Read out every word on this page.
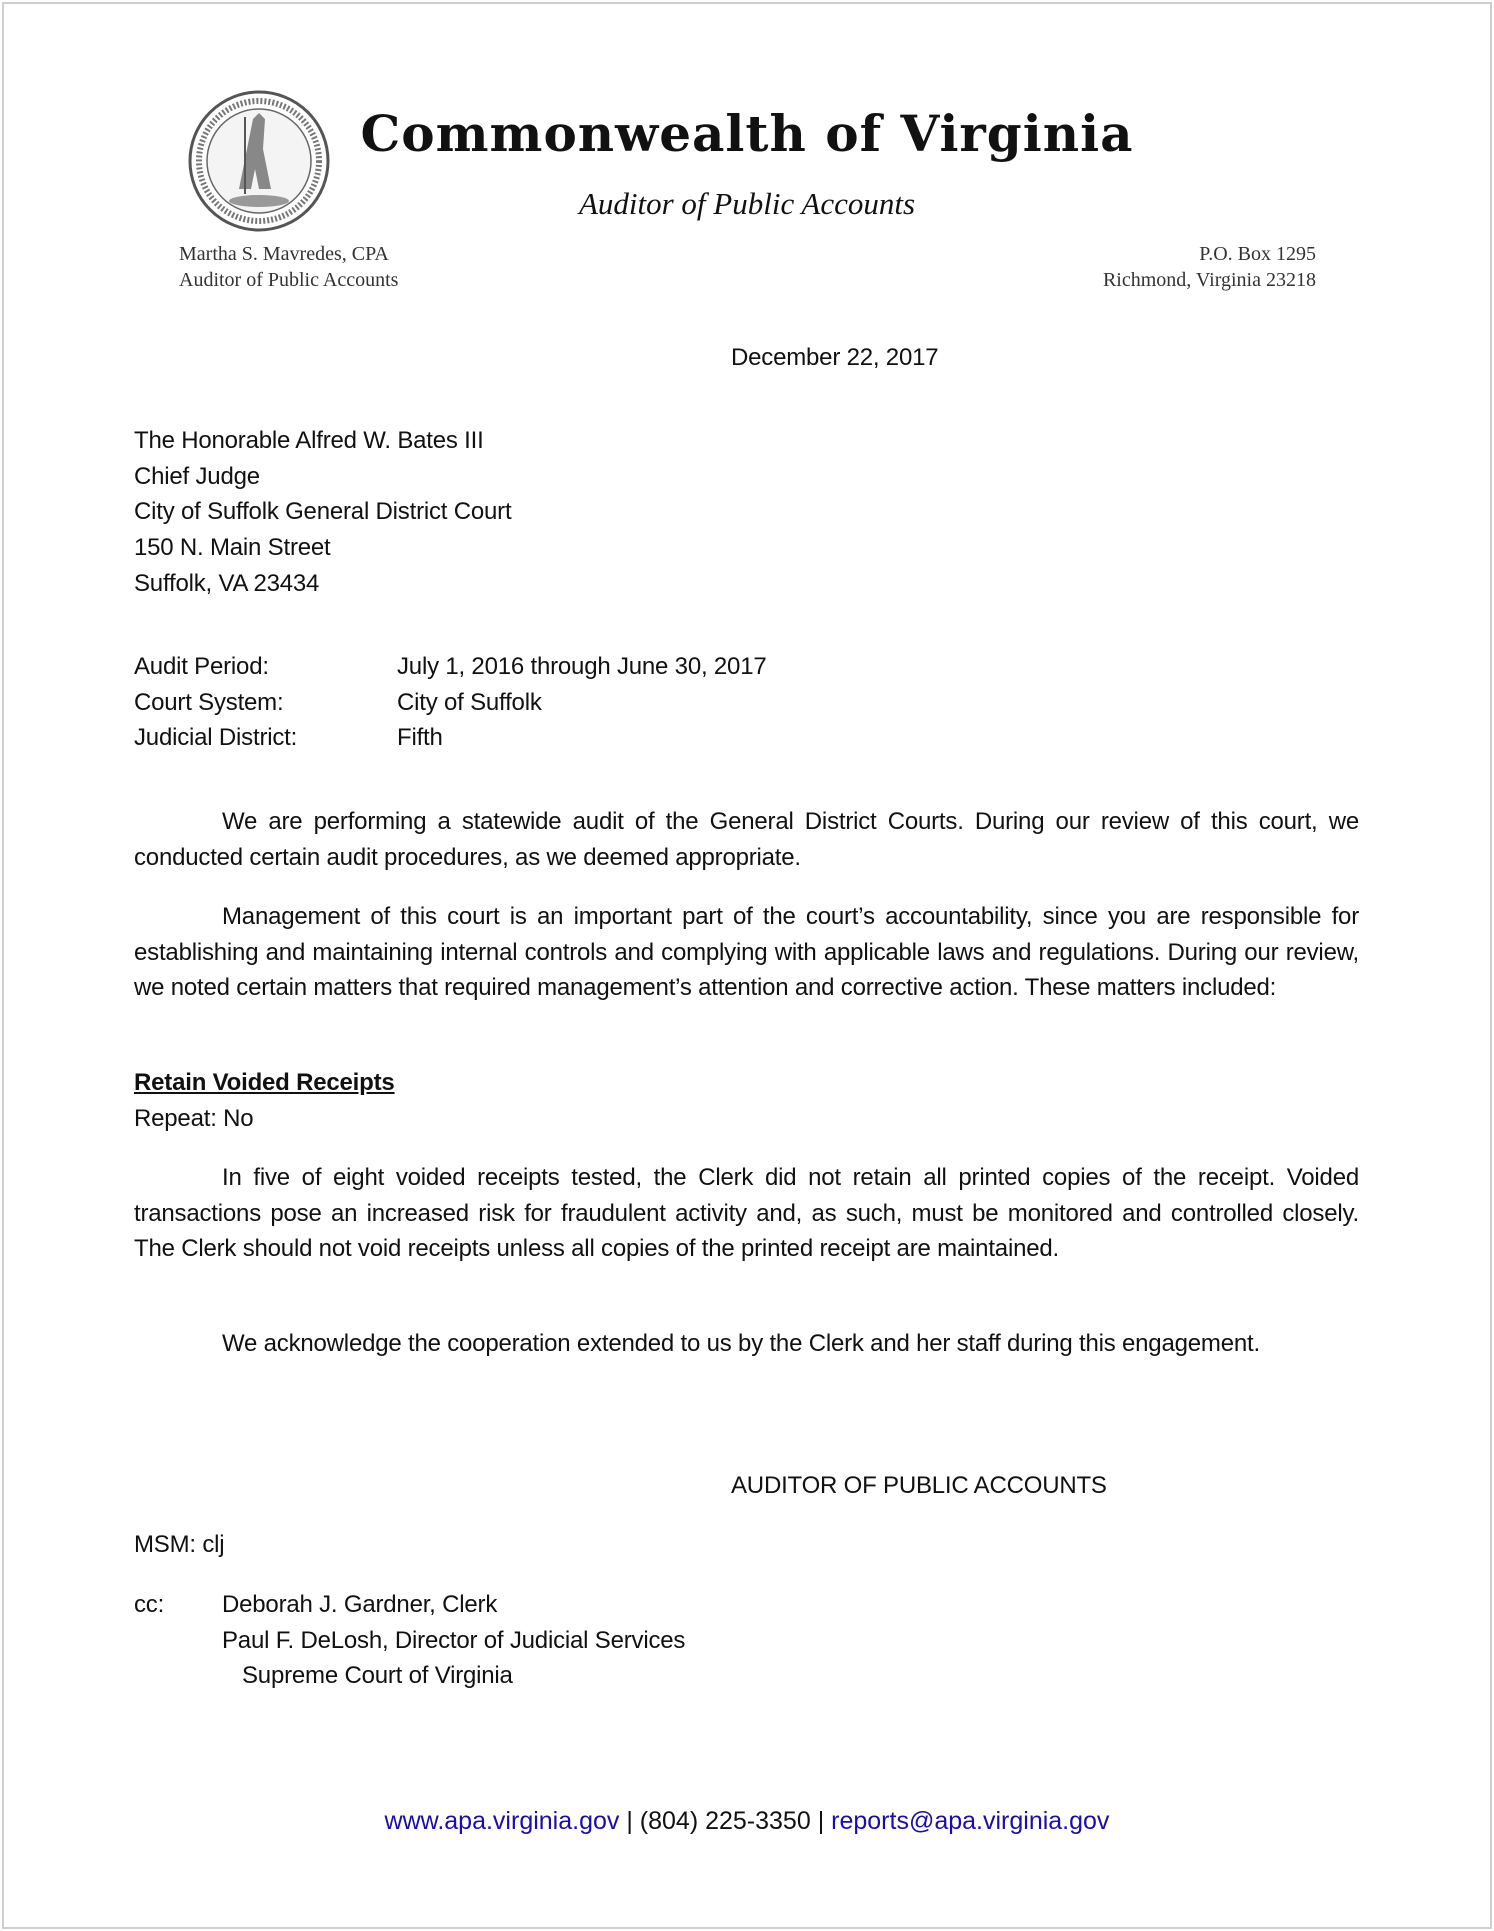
Commonwealth of Virginia
Auditor of Public Accounts
Martha S. Mavredes, CPA
Auditor of Public Accounts
P.O. Box 1295
Richmond, Virginia 23218
December 22, 2017
The Honorable Alfred W. Bates III
Chief Judge
City of Suffolk General District Court
150 N. Main Street
Suffolk, VA 23434
Audit Period:	July 1, 2016 through June 30, 2017
Court System:	City of Suffolk
Judicial District:	Fifth

We are performing a statewide audit of the General District Courts. During our review of this court, we conducted certain audit procedures, as we deemed appropriate.

Management of this court is an important part of the court’s accountability, since you are responsible for establishing and maintaining internal controls and complying with applicable laws and regulations. During our review, we noted certain matters that required management’s attention and corrective action. These matters included:

Retain Voided Receipts
Repeat: No

In five of eight voided receipts tested, the Clerk did not retain all printed copies of the receipt. Voided transactions pose an increased risk for fraudulent activity and, as such, must be monitored and controlled closely. The Clerk should not void receipts unless all copies of the printed receipt are maintained.

We acknowledge the cooperation extended to us by the Clerk and her staff during this engagement.

AUDITOR OF PUBLIC ACCOUNTS
MSM: clj
cc: Deborah J. Gardner, Clerk
Paul F. DeLosh, Director of Judicial Services
Supreme Court of Virginia
www.apa.virginia.gov | (804) 225-3350 | reports@apa.virginia.gov
